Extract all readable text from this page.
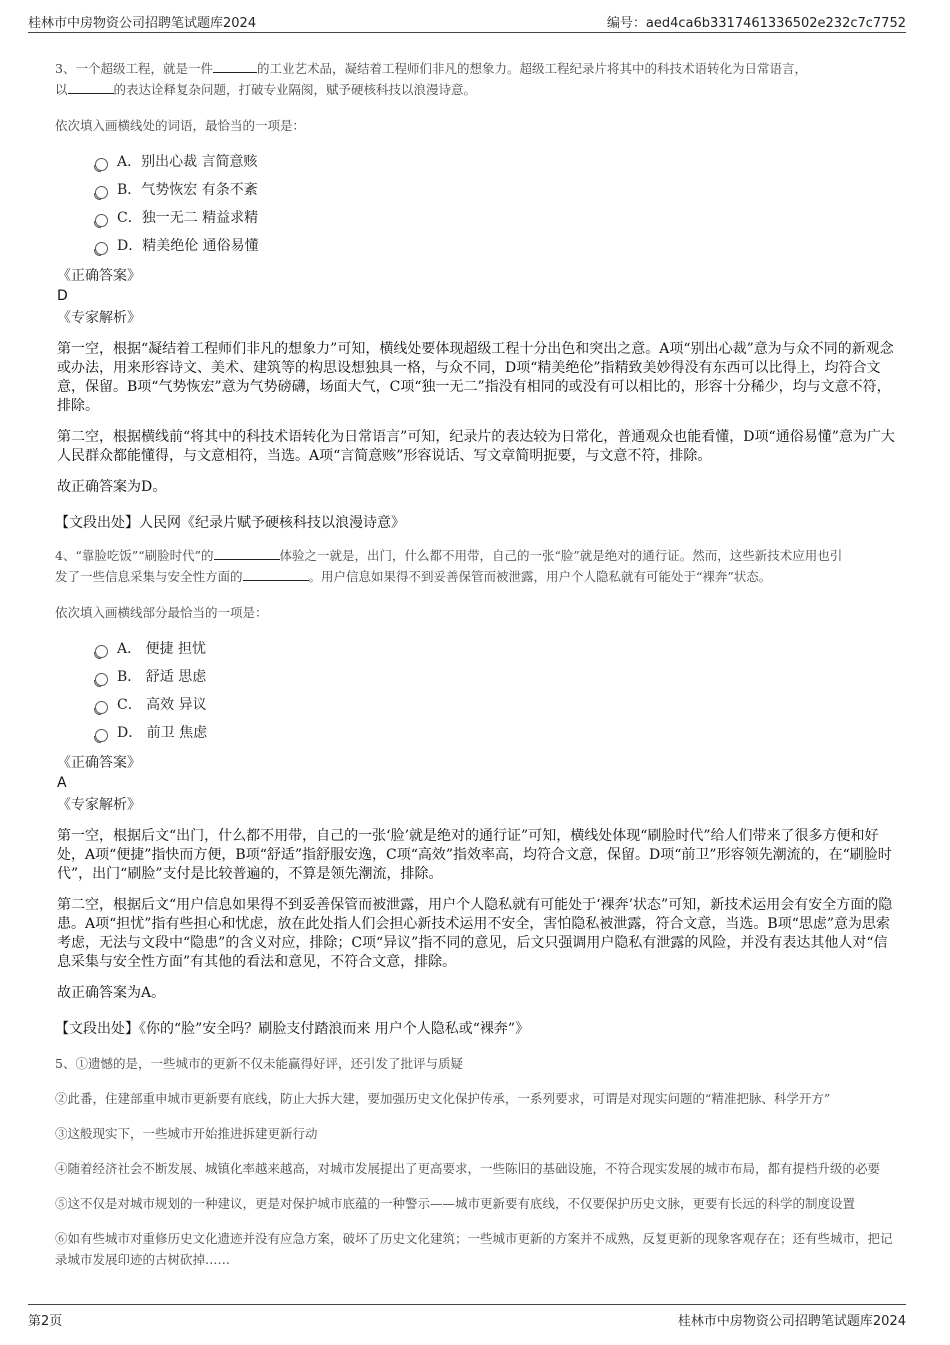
桂林市中房物资公司招聘笔试题库2024	编号：aed4ca6b3317461336502e232c7c7752

3、一个超级工程，就是一件	的工业艺术品，凝结着工程师们非凡的想象力。超级工程纪录片将其中的科技术语转化为日常语言，
以	的表达诠释复杂问题，打破专业隔阂，赋予硬核科技以浪漫诗意。

依次填入画横线处的词语，最恰当的一项是：

A．别出心裁 言简意赅
B．气势恢宏 有条不紊
C．独一无二 精益求精
D．精美绝伦 通俗易懂
《正确答案》
D
《专家解析》

第一空，根据“凝结着工程师们非凡的想象力”可知，横线处要体现超级工程十分出色和突出之意。A项“别出心裁”意为与众不同的新观念或办法，用来形容诗文、美术、建筑等的构思设想独具一格，与众不同，D项“精美绝伦”指精致美妙得没有东西可以比得上，均符合文意，保留。B项“气势恢宏”意为气势磅礴，场面大气，C项“独一无二”指没有相同的或没有可以相比的，形容十分稀少，均与文意不符，排除。

第二空，根据横线前“将其中的科技术语转化为日常语言”可知，纪录片的表达较为日常化，普通观众也能看懂，D项“通俗易懂”意为广大人民群众都能懂得，与文意相符，当选。A项“言简意赅”形容说话、写文章简明扼要，与文意不符，排除。

故正确答案为D。

【文段出处】人民网《纪录片赋予硬核科技以浪漫诗意》

4、“靠脸吃饭”“刷脸时代”的	体验之一就是，出门，什么都不用带，自己的一张“脸”就是绝对的通行证。然而，这些新技术应用也引
发了一些信息采集与安全性方面的	。用户信息如果得不到妥善保管而被泄露，用户个人隐私就有可能处于“裸奔”状态。

依次填入画横线部分最恰当的一项是：

A． 便捷 担忧
B． 舒适 思虑
C． 高效 异议
D． 前卫 焦虑
《正确答案》
A
《专家解析》

第一空，根据后文“出门，什么都不用带，自己的一张‘脸’就是绝对的通行证”可知，横线处体现“刷脸时代”给人们带来了很多方便和好处，A项“便捷”指快而方便，B项“舒适”指舒服安逸，C项“高效”指效率高，均符合文意，保留。D项“前卫”形容领先潮流的，在“刷脸时代”，出门“刷脸”支付是比较普遍的，不算是领先潮流，排除。

第二空，根据后文“用户信息如果得不到妥善保管而被泄露，用户个人隐私就有可能处于‘裸奔’状态”可知，新技术运用会有安全方面的隐患。A项“担忧”指有些担心和忧虑，放在此处指人们会担心新技术运用不安全，害怕隐私被泄露，符合文意，当选。B项“思虑”意为思索考虑，无法与文段中“隐患”的含义对应，排除；C项“异议”指不同的意见，后文只强调用户隐私有泄露的风险，并没有表达其他人对“信息采集与安全性方面”有其他的看法和意见，不符合文意，排除。

故正确答案为A。

【文段出处】《你的“脸”安全吗？刷脸支付踏浪而来 用户个人隐私或“裸奔”》

5、①遗憾的是，一些城市的更新不仅未能赢得好评，还引发了批评与质疑

②此番，住建部重申城市更新要有底线，防止大拆大建，要加强历史文化保护传承，一系列要求，可谓是对现实问题的“精准把脉、科学开方”

③这般现实下，一些城市开始推进拆建更新行动

④随着经济社会不断发展、城镇化率越来越高，对城市发展提出了更高要求，一些陈旧的基础设施，不符合现实发展的城市布局，都有提档升级的必要

⑤这不仅是对城市规划的一种建议，更是对保护城市底蕴的一种警示——城市更新要有底线，不仅要保护历史文脉，更要有长远的科学的制度设置

⑥如有些城市对重修历史文化遗迹并没有应急方案，破坏了历史文化建筑；一些城市更新的方案并不成熟，反复更新的现象客观存在；还有些城市，把记录城市发展印迹的古树砍掉……

第2页	桂林市中房物资公司招聘笔试题库2024
